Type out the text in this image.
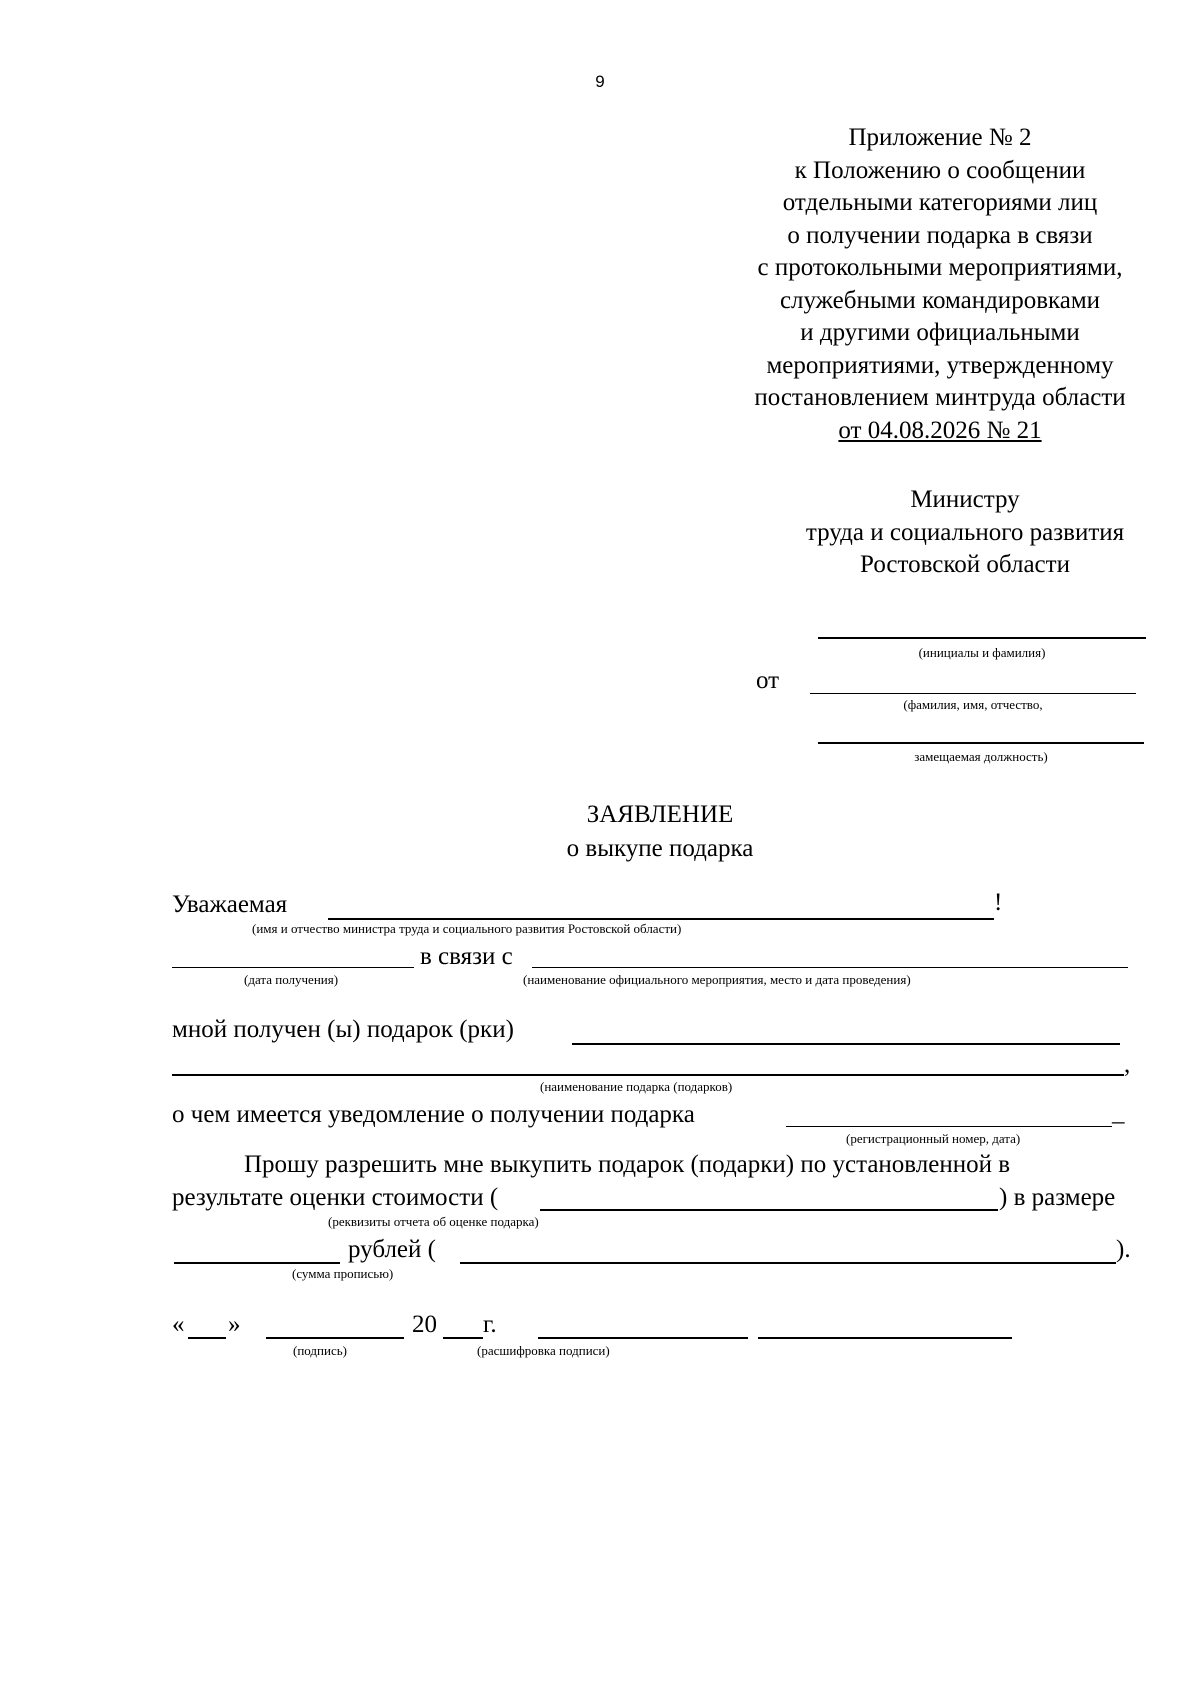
9
Приложение № 2
к Положению о сообщении
отдельными категориями лиц
о получении подарка в связи
с протокольными мероприятиями,
служебными командировками
и другими официальными
мероприятиями, утвержденному
постановлением минтруда области
от 04.08.2026 № 21
Министру
труда и социального развития
Ростовской области
(инициалы и фамилия)
от
(фамилия, имя, отчество,
замещаемая должность)
ЗАЯВЛЕНИЕ
о выкупе подарка
Уважаемая	!
(имя и отчество министра труда и социального развития Ростовской области)
в связи с
(дата получения)	(наименование официального мероприятия, место и дата проведения)
мной получен (ы) подарок (рки)
,
(наименование подарка (подарков)
о чем имеется уведомление о получении подарка	_
(регистрационный номер, дата)
Прошу разрешить мне выкупить подарок (подарки) по установленной в
результате оценки стоимости (	) в размере
(реквизиты отчета об оценке подарка)
рублей (	).
(сумма прописью)
« »	20 г.
(подпись)	(расшифровка подписи)
